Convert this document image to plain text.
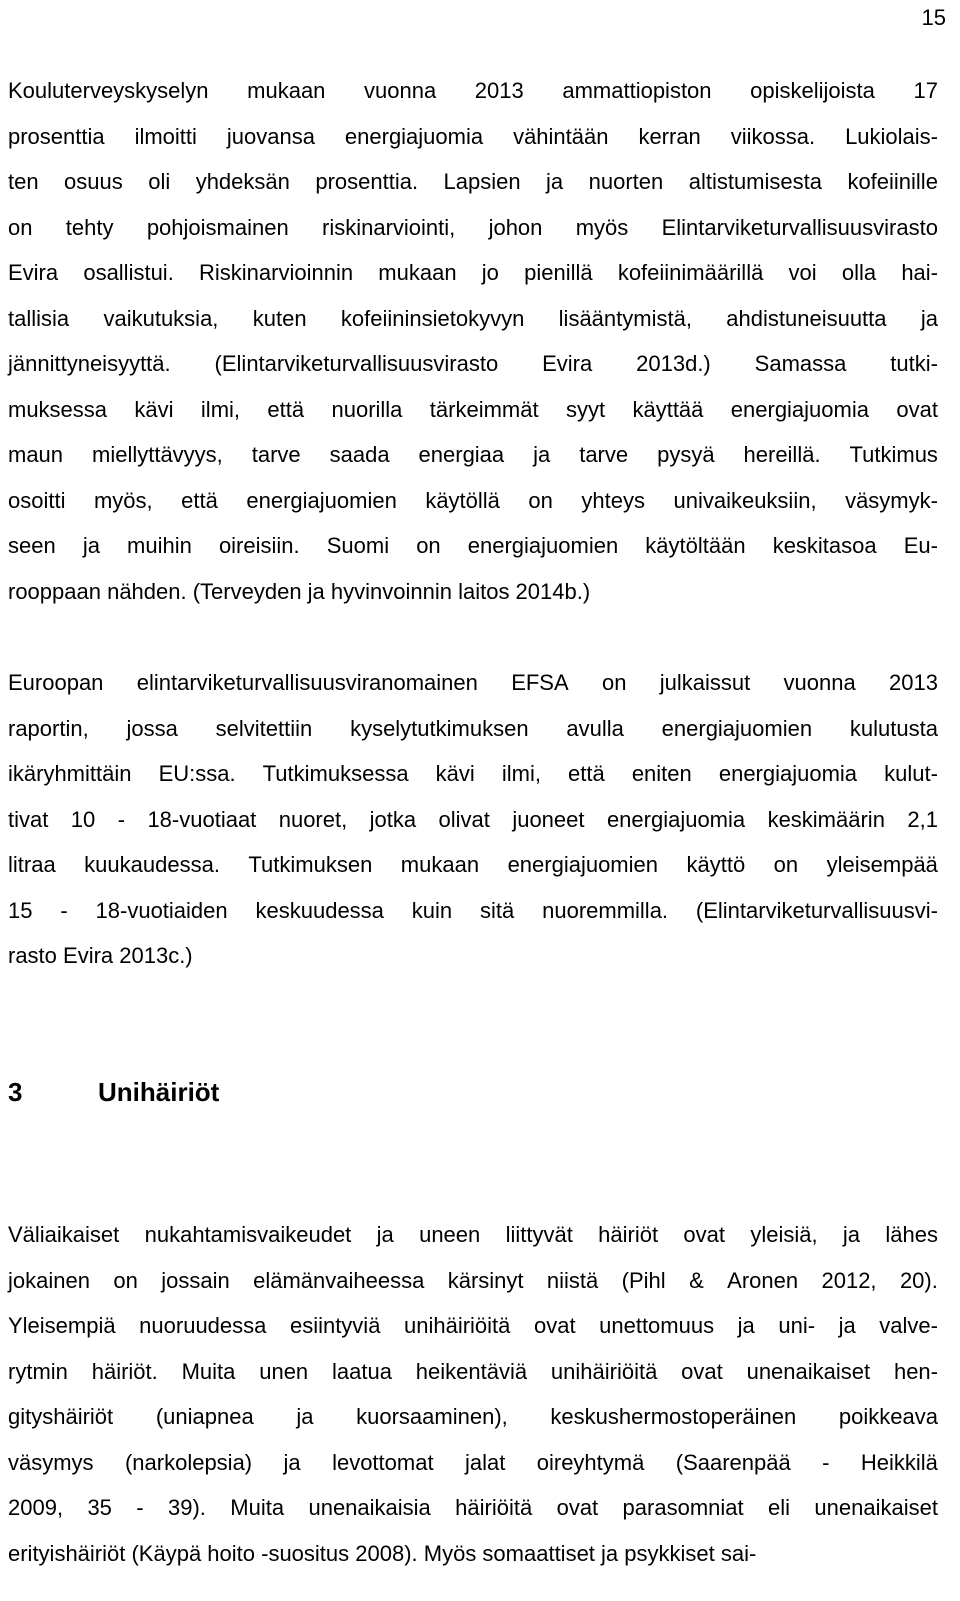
15
Kouluterveyskyselyn mukaan vuonna 2013 ammattiopiston opiskelijoista 17
prosenttia ilmoitti juovansa energiajuomia vähintään kerran viikossa. Lukiolais-
ten osuus oli yhdeksän prosenttia. Lapsien ja nuorten altistumisesta kofeiinille
on tehty pohjoismainen riskinarviointi, johon myös Elintarviketurvallisuusvirasto
Evira osallistui. Riskinarvioinnin mukaan jo pienillä kofeiinimäärillä voi olla hai-
tallisia vaikutuksia, kuten kofeiininsietokyvyn lisääntymistä, ahdistuneisuutta ja
jännittyneisyyttä. (Elintarviketurvallisuusvirasto Evira 2013d.) Samassa tutki-
muksessa kävi ilmi, että nuorilla tärkeimmät syyt käyttää energiajuomia ovat
maun miellyttävyys, tarve saada energiaa ja tarve pysyä hereillä. Tutkimus
osoitti myös, että energiajuomien käytöllä on yhteys univaikeuksiin, väsymyk-
seen ja muihin oireisiin. Suomi on energiajuomien käytöltään keskitasoa Eu-
rooppaan nähden. (Terveyden ja hyvinvoinnin laitos 2014b.)
Euroopan elintarviketurvallisuusviranomainen EFSA on julkaissut vuonna 2013
raportin, jossa selvitettiin kyselytutkimuksen avulla energiajuomien kulutusta
ikäryhmittäin EU:ssa. Tutkimuksessa kävi ilmi, että eniten energiajuomia kulut-
tivat 10 - 18-vuotiaat nuoret, jotka olivat juoneet energiajuomia keskimäärin 2,1
litraa kuukaudessa. Tutkimuksen mukaan energiajuomien käyttö on yleisempää
15 - 18-vuotiaiden keskuudessa kuin sitä nuoremmilla. (Elintarviketurvallisuusvi-
rasto Evira 2013c.)
3	Unihäiriöt
Väliaikaiset nukahtamisvaikeudet ja uneen liittyvät häiriöt ovat yleisiä, ja lähes
jokainen on jossain elämänvaiheessa kärsinyt niistä (Pihl & Aronen 2012, 20).
Yleisempiä nuoruudessa esiintyviä unihäiriöitä ovat unettomuus ja uni- ja valve-
rytmin häiriöt. Muita unen laatua heikentäviä unihäiriöitä ovat unenaikaiset hen-
gityshäiriöt (uniapnea ja kuorsaaminen), keskushermostoperäinen poikkeava
väsymys (narkolepsia) ja levottomat jalat oireyhtymä (Saarenpää - Heikkilä
2009, 35 - 39). Muita unenaikaisia häiriöitä ovat parasomniat eli unenaikaiset
erityishäiriöt (Käypä hoito -suositus 2008). Myös somaattiset ja psykkiset sai-
